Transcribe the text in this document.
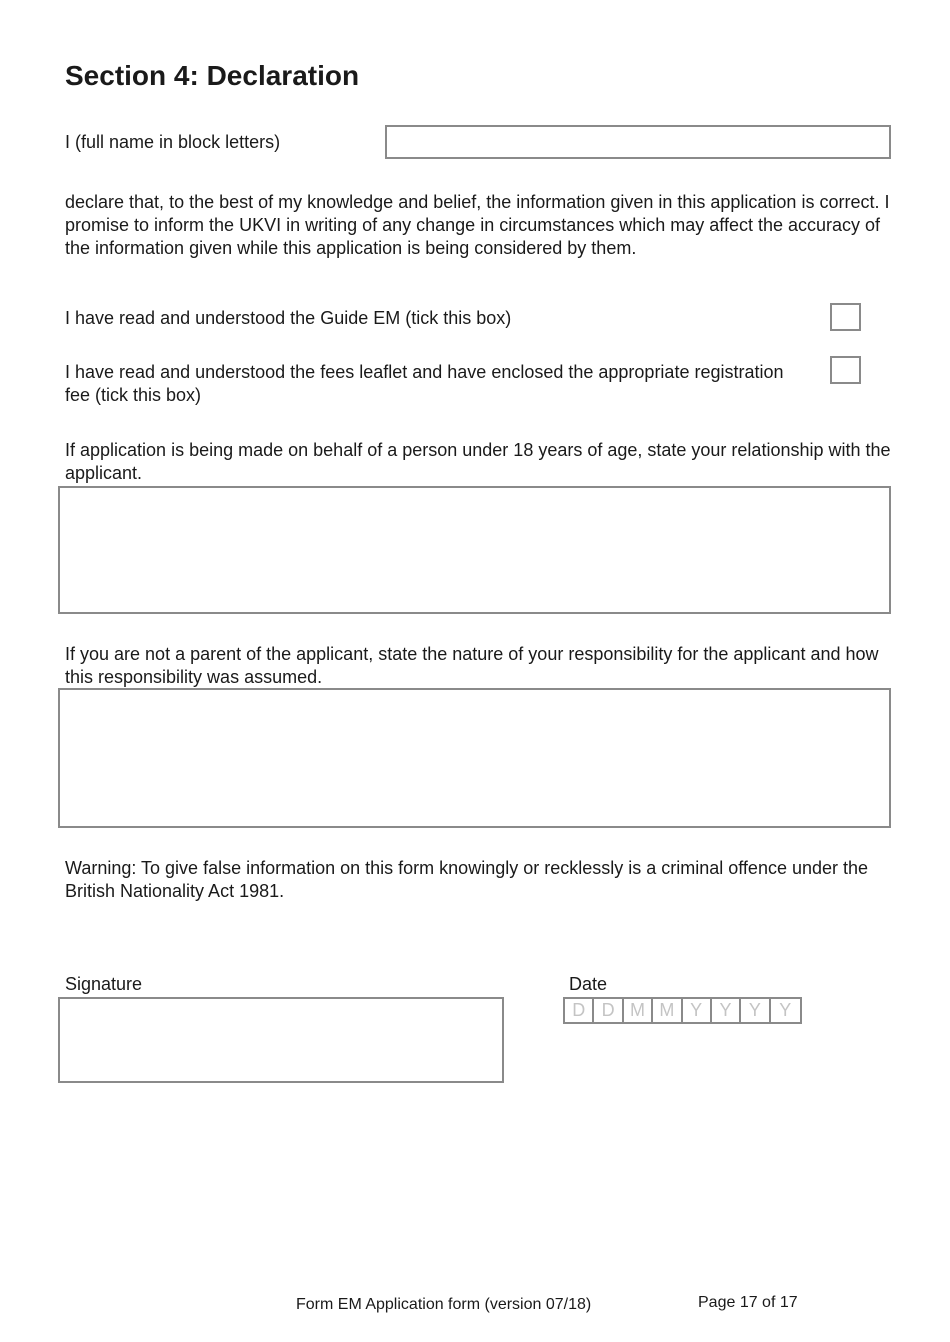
Section 4: Declaration

I (full name in block letters)

declare that, to the best of my knowledge and belief, the information given in this application is correct. I promise to inform the UKVI in writing of any change in circumstances which may affect the accuracy of the information given while this application is being considered by them.

I have read and understood the Guide EM (tick this box)

I have read and understood the fees leaflet and have enclosed the appropriate registration fee (tick this box)

If application is being made on behalf of a person under 18 years of age, state your relationship with the applicant.

If you are not a parent of the applicant, state the nature of your responsibility for the applicant and how this responsibility was assumed.

Warning: To give false information on this form knowingly or recklessly is a criminal offence under the British Nationality Act 1981.

Signature	Date

D D M M Y Y Y	Y

Form EM Application form (version 07/18)	Page 17 of 17
